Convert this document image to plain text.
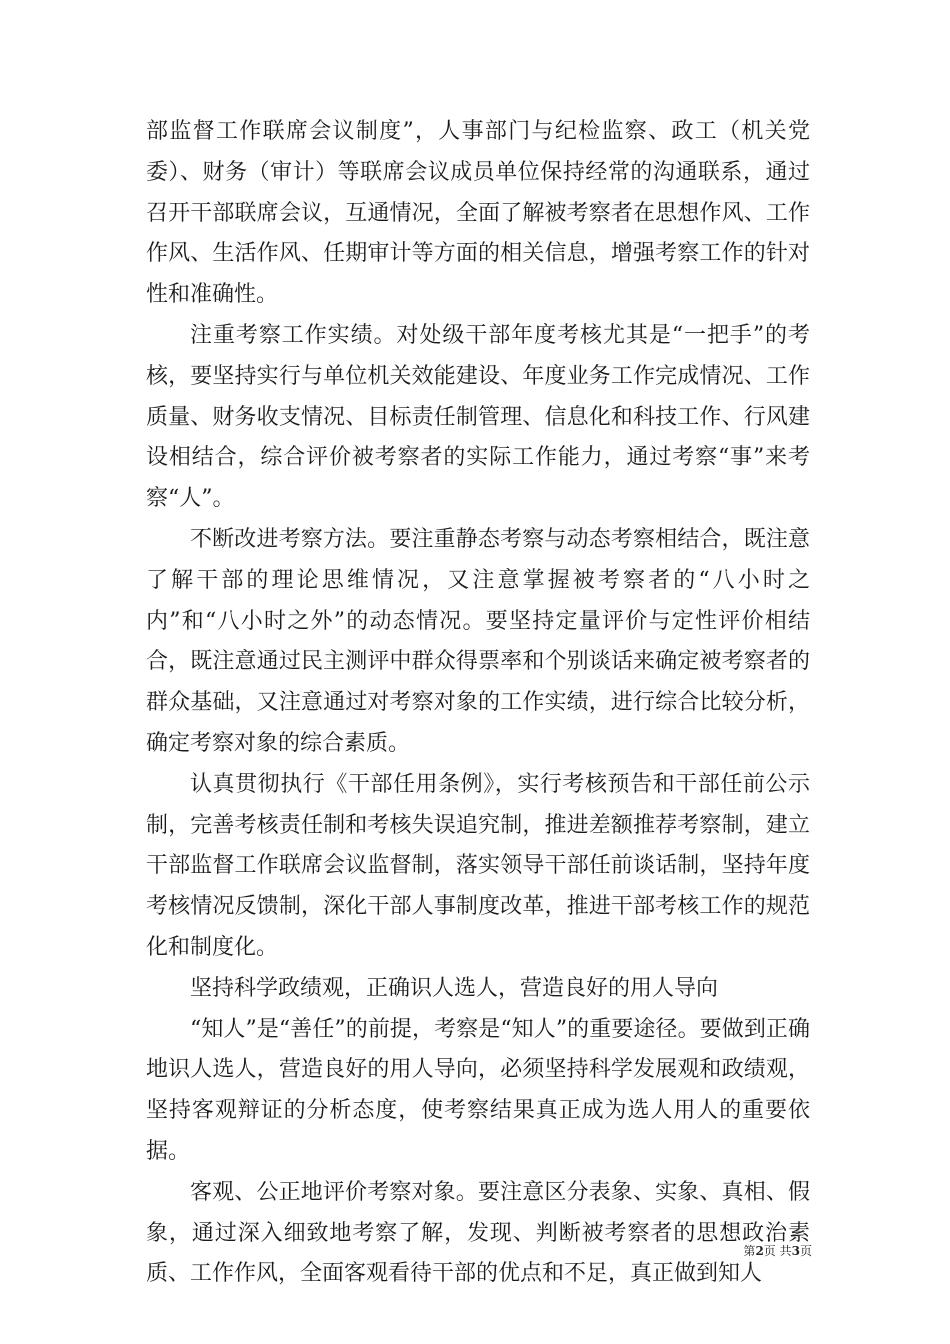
部监督工作联席会议制度”，人事部门与纪检监察、政工（机关党委）、财务（审计）等联席会议成员单位保持经常的沟通联系，通过召开干部联席会议，互通情况，全面了解被考察者在思想作风、工作作风、生活作风、任期审计等方面的相关信息，增强考察工作的针对性和准确性。

注重考察工作实绩。对处级干部年度考核尤其是“一把手”的考核，要坚持实行与单位机关效能建设、年度业务工作完成情况、工作质量、财务收支情况、目标责任制管理、信息化和科技工作、行风建设相结合，综合评价被考察者的实际工作能力，通过考察“事”来考察“人”。

不断改进考察方法。要注重静态考察与动态考察相结合，既注意了解干部的理论思维情况，又注意掌握被考察者的“八小时之内”和“八小时之外”的动态情况。要坚持定量评价与定性评价相结合，既注意通过民主测评中群众得票率和个别谈话来确定被考察者的群众基础，又注意通过对考察对象的工作实绩，进行综合比较分析，确定考察对象的综合素质。

认真贯彻执行《干部任用条例》，实行考核预告和干部任前公示制，完善考核责任制和考核失误追究制，推进差额推荐考察制，建立干部监督工作联席会议监督制，落实领导干部任前谈话制，坚持年度考核情况反馈制，深化干部人事制度改革，推进干部考核工作的规范化和制度化。

坚持科学政绩观，正确识人选人，营造良好的用人导向

“知人”是“善任”的前提，考察是“知人”的重要途径。要做到正确地识人选人，营造良好的用人导向，必须坚持科学发展观和政绩观，坚持客观辩证的分析态度，使考察结果真正成为选人用人的重要依据。

客观、公正地评价考察对象。要注意区分表象、实象、真相、假象，通过深入细致地考察了解，发现、判断被考察者的思想政治素质、工作作风，全面客观看待干部的优点和不足，真正做到知人

第2页 共3页
